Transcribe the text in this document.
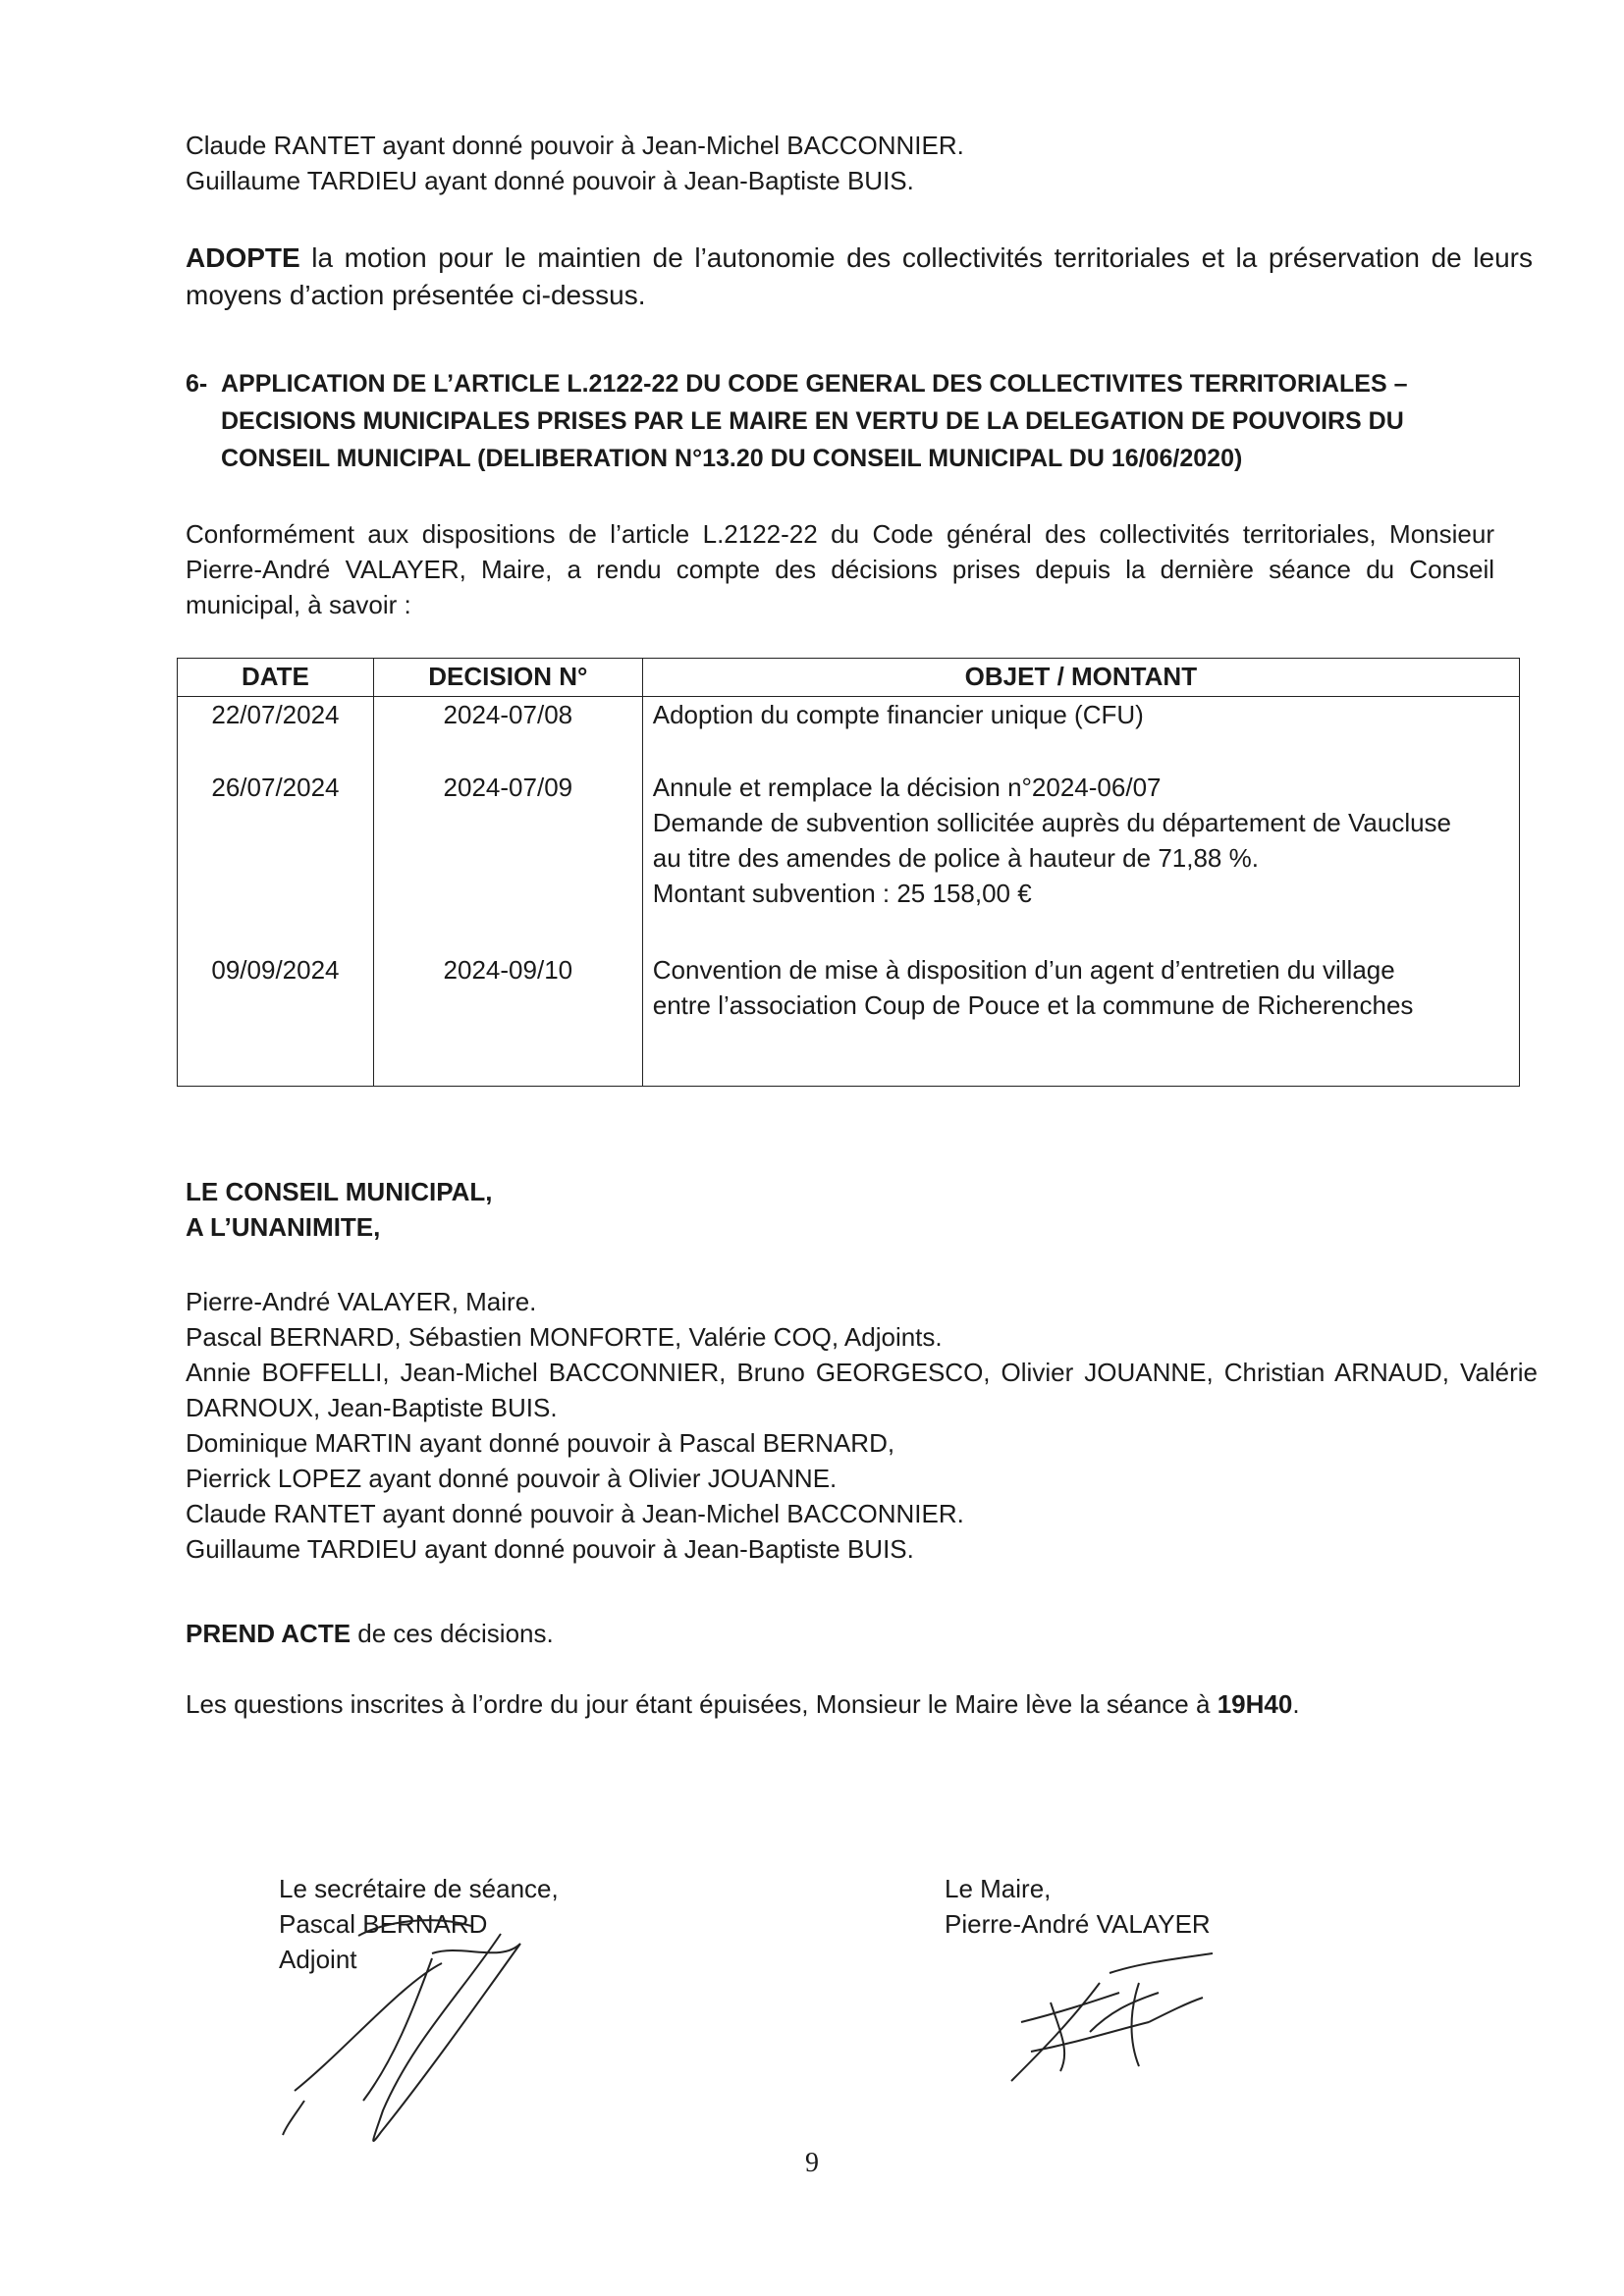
Claude RANTET ayant donné pouvoir à Jean-Michel BACCONNIER.

Guillaume TARDIEU ayant donné pouvoir à Jean-Baptiste BUIS.

ADOPTE la motion pour le maintien de l’autonomie des collectivités territoriales et la préservation de leurs moyens d’action présentée ci-dessus.

6- APPLICATION DE L’ARTICLE L.2122-22 DU CODE GENERAL DES COLLECTIVITES TERRITORIALES –
DECISIONS MUNICIPALES PRISES PAR LE MAIRE EN VERTU DE LA DELEGATION DE POUVOIRS DU
CONSEIL MUNICIPAL (DELIBERATION N°13.20 DU CONSEIL MUNICIPAL DU 16/06/2020)

Conformément aux dispositions de l’article L.2122-22 du Code général des collectivités territoriales, Monsieur Pierre-André VALAYER, Maire, a rendu compte des décisions prises depuis la dernière séance du Conseil municipal, à savoir :

DATE	DECISION N°	OBJET / MONTANT
22/07/2024	2024-07/08	Adoption du compte financier unique (CFU)

26/07/2024	2024-07/09	Annule et remplace la décision n°2024-06/07
Demande de subvention sollicitée auprès du département de Vaucluse
au titre des amendes de police à hauteur de 71,88 %.
Montant subvention : 25 158,00 €

09/09/2024	2024-09/10	Convention de mise à disposition d’un agent d’entretien du village
entre l’association Coup de Pouce et la commune de Richerenches

LE CONSEIL MUNICIPAL,

A L’UNANIMITE,

Pierre-André VALAYER, Maire.

Pascal BERNARD, Sébastien MONFORTE, Valérie COQ, Adjoints.

Annie BOFFELLI, Jean-Michel BACCONNIER, Bruno GEORGESCO, Olivier JOUANNE, Christian ARNAUD, Valérie DARNOUX, Jean-Baptiste BUIS.

Dominique MARTIN ayant donné pouvoir à Pascal BERNARD,

Pierrick LOPEZ ayant donné pouvoir à Olivier JOUANNE.

Claude RANTET ayant donné pouvoir à Jean-Michel BACCONNIER.

Guillaume TARDIEU ayant donné pouvoir à Jean-Baptiste BUIS.

PREND ACTE de ces décisions.

Les questions inscrites à l’ordre du jour étant épuisées, Monsieur le Maire lève la séance à 19H40.

Le secrétaire de séance,

Pascal BERNARD

Adjoint

Le Maire,

Pierre-André VALAYER

9
